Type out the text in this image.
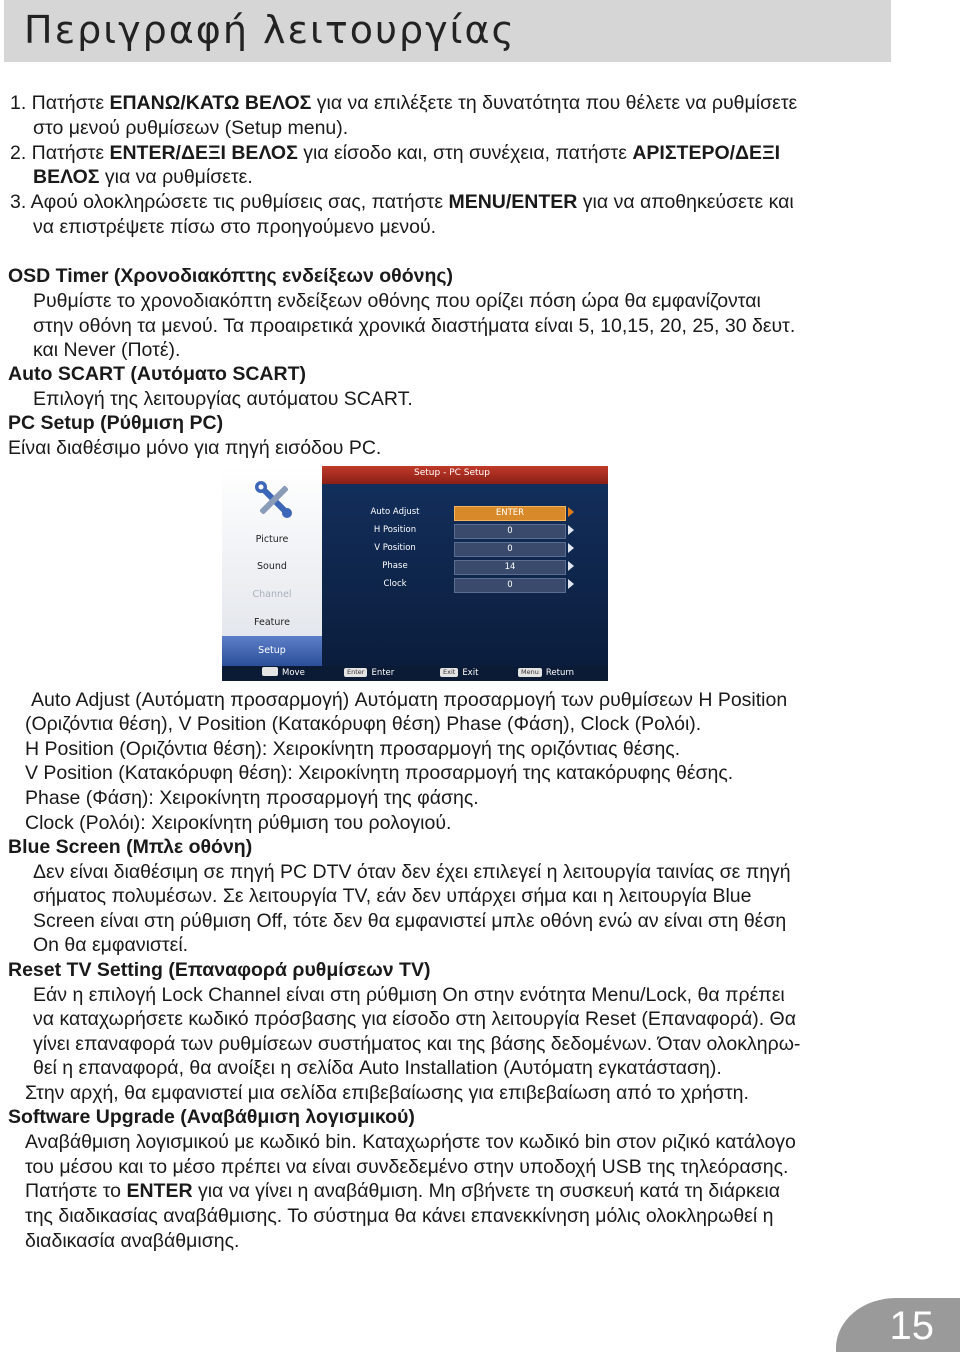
Περιγραφή λειτουργίας
1. Πατήστε ΕΠΑΝΩ/ΚΑΤΩ ΒΕΛΟΣ για να επιλέξετε τη δυνατότητα που θέλετε να ρυθμίσετε
στο μενού ρυθμίσεων (Setup menu).
2. Πατήστε ENTER/ΔΕΞΙ ΒΕΛΟΣ για είσοδο και, στη συνέχεια, πατήστε ΑΡΙΣΤΕΡΟ/ΔΕΞΙ
ΒΕΛΟΣ για να ρυθμίσετε.
3. Αφού ολοκληρώσετε τις ρυθμίσεις σας, πατήστε MENU/ENTER για να αποθηκεύσετε και
να επιστρέψετε πίσω στο προηγούμενο μενού.
OSD Timer (Χρονοδιακόπτης ενδείξεων οθόνης)
Ρυθμίστε το χρονοδιακόπτη ενδείξεων οθόνης που ορίζει πόση ώρα θα εμφανίζονται
στην οθόνη τα μενού. Τα προαιρετικά χρονικά διαστήματα είναι 5, 10,15, 20, 25, 30 δευτ.
και Never (Ποτέ).
Auto SCART (Αυτόματο SCART)
Επιλογή της λειτουργίας αυτόματου SCART.
PC Setup (Ρύθμιση PC)
Είναι διαθέσιμο μόνο για πηγή εισόδου PC.
Picture
Sound
Channel
Feature
Setup
Setup - PC Setup
Auto Adjust	ENTER
H Position	0
V Position	0
Phase	14
Clock	0
Move	Enter Enter	Exit Exit	Menu Return
Auto Adjust (Αυτόματη προσαρμογή) Αυτόματη προσαρμογή των ρυθμίσεων H Position
(Οριζόντια θέση), V Position (Κατακόρυφη θέση) Phase (Φάση), Clock (Ρολόι).
H Position (Οριζόντια θέση): Χειροκίνητη προσαρμογή της οριζόντιας θέσης.
V Position (Κατακόρυφη θέση): Χειροκίνητη προσαρμογή της κατακόρυφης θέσης.
Phase (Φάση): Χειροκίνητη προσαρμογή της φάσης.
Clock (Ρολόι): Χειροκίνητη ρύθμιση του ρολογιού.
Blue Screen (Μπλε οθόνη)
Δεν είναι διαθέσιμη σε πηγή PC DTV όταν δεν έχει επιλεγεί η λειτουργία ταινίας σε πηγή
σήματος πολυμέσων. Σε λειτουργία TV, εάν δεν υπάρχει σήμα και η λειτουργία Blue
Screen είναι στη ρύθμιση Off, τότε δεν θα εμφανιστεί μπλε οθόνη ενώ αν είναι στη θέση
On θα εμφανιστεί.
Reset TV Setting (Επαναφορά ρυθμίσεων TV)
Εάν η επιλογή Lock Channel είναι στη ρύθμιση On στην ενότητα Menu/Lock, θα πρέπει
να καταχωρήσετε κωδικό πρόσβασης για είσοδο στη λειτουργία Reset (Επαναφορά). Θα
γίνει επαναφορά των ρυθμίσεων συστήματος και της βάσης δεδομένων. Όταν ολοκληρω-
θεί η επαναφορά, θα ανοίξει η σελίδα Auto Installation (Αυτόματη εγκατάσταση).
Στην αρχή, θα εμφανιστεί μια σελίδα επιβεβαίωσης για επιβεβαίωση από το χρήστη.
Software Upgrade (Αναβάθμιση λογισμικού)
Αναβάθμιση λογισμικού με κωδικό bin. Καταχωρήστε τον κωδικό bin στον ριζικό κατάλογο
του μέσου και το μέσο πρέπει να είναι συνδεδεμένο στην υποδοχή USB της τηλεόρασης.
Πατήστε το ENTER για να γίνει η αναβάθμιση. Μη σβήνετε τη συσκευή κατά τη διάρκεια
της διαδικασίας αναβάθμισης. Το σύστημα θα κάνει επανεκκίνηση μόλις ολοκληρωθεί η
διαδικασία αναβάθμισης.
15
